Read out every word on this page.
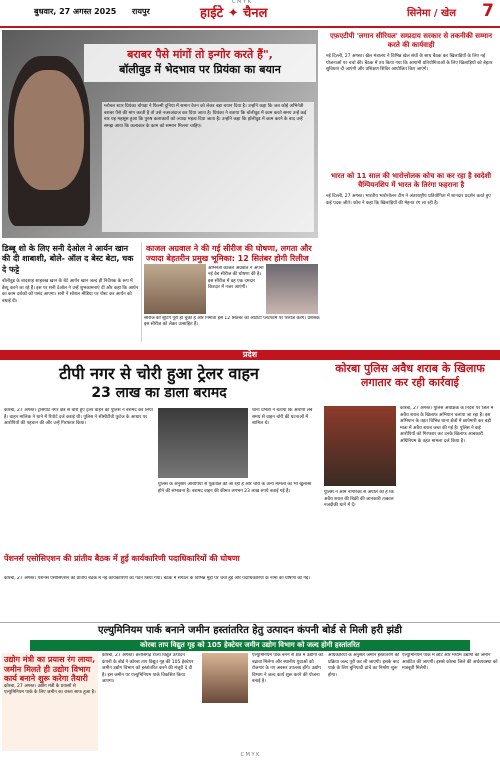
C M Y K
बुधवार, 27 अगस्त 2025 रायपुर	हाईटे ✦ चैनल	सिनेमा / खेल 7
बराबर पैसे मांगों तो इन्गोर करते हैं",
बॉलीवुड में भेदभाव पर प्रियंका का बयान
ग्लोबल स्टार प्रियंका चोपड़ा ने फिल्मी दुनिया में समान वेतन को लेकर बड़ा बयान दिया है। उन्होंने कहा कि जब कोई अभिनेत्री बराबर पैसे की मांग करती है तो उसे नजरअंदाज कर दिया जाता है। प्रियंका ने बताया कि बॉलीवुड में काम करते समय उन्हें कई बार यह महसूस हुआ कि पुरुष कलाकारों को ज्यादा महत्व दिया जाता है। उन्होंने कहा कि हॉलीवुड में काम करने के बाद उन्हें समझ आया कि कलाकार के काम को सम्मान मिलना चाहिए।
डिब्बू शो के लिए सनी देओल ने आर्यन खान की दी शाबाशी, बोले- ऑल द बेस्ट बेटा, चक दे फट्टे
बॉलीवुड के बादशाह शाहरुख खान के बेटे आर्यन खान जल्द ही निर्देशक के रूप में डेब्यू करने जा रहे हैं। इस पर सनी देओल ने उन्हें शुभकामनाएं दीं और कहा कि आर्यन का काम दर्शकों को पसंद आएगा। सनी ने सोशल मीडिया पर पोस्ट कर आर्यन को बधाई दी।
काजल अग्रवाल ने की गई सीरीज की घोषणा, लगता और ज्यादा बेहतरीन प्रमुख भूमिका: 12 सितंबर होगी रिलीज
अभिनेत्री काजल अग्रवाल ने अपनी नई वेब सीरीज की घोषणा की है। इस सीरीज में वह एक दमदार किरदार में नजर आएंगी।
सीरीज की शूटिंग पूरी हो चुकी है और निर्माता इसे 12 सितंबर को ओटीटी प्लेटफॉर्म पर रिलीज करेंगे। प्रशंसक इस सीरीज को लेकर उत्साहित हैं।
एफ़एटीपी 'लगान सीरियल' सम्प्रदाय सरकार से तकनीकी सम्मान करते की कार्यवाही
नई दिल्ली, 27 अगस्त। खेल मंत्रालय ने विभिन्न खेल संघों के साथ बैठक कर खिलाड़ियों के लिए नई योजनाओं पर चर्चा की। बैठक में तय किया गया कि आगामी प्रतियोगिताओं के लिए खिलाड़ियों को बेहतर सुविधाएं दी जाएंगी और प्रशिक्षण शिविर आयोजित किए जाएंगे।
भारत को 11 साल की भारोत्तोलक कोच का कर रहा है स्वदेशी चैम्पियनशिप में भारत के तिरंगा फहराना है
नई दिल्ली, 27 अगस्त। भारतीय भारोत्तोलन टीम ने अंतरराष्ट्रीय प्रतियोगिता में शानदार प्रदर्शन करते हुए कई पदक जीते। कोच ने कहा कि खिलाड़ियों की मेहनत रंग ला रही है।
प्रदेश
टीपी नगर से चोरी हुआ ट्रेलर वाहन
23 लाख का डाला बरामद
कोरबा, 27 अगस्त। ट्रांसपोर्ट नगर क्षेत्र से चोरी हुए ट्रेलर वाहन को पुलिस ने बरामद कर लिया है। वाहन मालिक ने थाने में रिपोर्ट दर्ज कराई थी। पुलिस ने सीसीटीवी फुटेज के आधार पर आरोपियों की पहचान की और उन्हें गिरफ्तार किया।
थाना प्रभारी ने बताया कि आरोपी लंबे समय से वाहन चोरी की घटनाओं में शामिल थे।
पुलिस के अनुसार आरोपियों से पूछताछ की जा रही है और चोरी के अन्य मामलों का भी खुलासा होने की संभावना है। बरामद वाहन की कीमत लगभग 23 लाख रुपये बताई गई है।
पेंशनर्स एसोसिएशन की प्रांतीय बैठक में हुई कार्यकारिणी पदाधिकारियों की घोषणा
कोरबा, 27 अगस्त। पेंशनर्स एसोसिएशन की प्रांतीय बैठक में नई कार्यकारिणी का गठन किया गया। बैठक में संगठन के विभिन्न मुद्दों पर चर्चा हुई और पदाधिकारियों के नामों की घोषणा की गई।
कोरबा पुलिस अवैध शराब के खिलाफ लगातार कर रही कार्रवाई
कोरबा, 27 अगस्त। पुलिस अधीक्षक के निर्देश पर जिले में अवैध शराब के खिलाफ अभियान चलाया जा रहा है। इस अभियान के तहत विभिन्न थाना क्षेत्रों में छापेमारी कर बड़ी मात्रा में अवैध शराब जब्त की गई है। पुलिस ने कई आरोपियों को गिरफ्तार कर उनके खिलाफ आबकारी अधिनियम के तहत मामला दर्ज किया है।
पुलिस ने आम नागरिकों से अपील की है कि अवैध शराब की बिक्री की जानकारी तत्काल नजदीकी थाने में दें।
एल्युमिनियम पार्क बनाने जमीन हस्तांतरित हेतु उत्पादन कंपनी बोर्ड से मिली हरी झंडी
कोरबा ताप विद्युत गृह को 105 हेक्टेयर जमीन उद्योग विभाग को जल्द होगी हस्तांतरित
उद्योग मंत्री का प्रयास रंग लाया, जमीन मिलते ही उद्योग विभाग कार्य बनाने शुरू करेगा तैयारी
कोरबा, 27 अगस्त। उद्योग मंत्री के प्रयासों से एल्युमिनियम पार्क के लिए जमीन का रास्ता साफ हुआ है।
कोरबा, 27 अगस्त। छत्तीसगढ़ राज्य विद्युत उत्पादन कंपनी के बोर्ड ने कोरबा ताप विद्युत गृह की 105 हेक्टेयर जमीन उद्योग विभाग को हस्तांतरित करने की मंजूरी दे दी है। इस जमीन पर एल्युमिनियम पार्क विकसित किया जाएगा।
एल्युमिनियम पार्क बनने से क्षेत्र में उद्योगों को बढ़ावा मिलेगा और स्थानीय युवाओं को रोजगार के नए अवसर उपलब्ध होंगे। उद्योग विभाग ने जल्द कार्य शुरू करने की योजना बनाई है।
अधिकारियों के अनुसार जमीन हस्तांतरण की प्रक्रिया जल्द पूरी कर ली जाएगी। इसके बाद पार्क के लिए बुनियादी ढांचे का निर्माण शुरू होगा।
एल्युमिनियम पार्क में छोटे और मध्यम उद्योगों को जमीन आवंटित की जाएगी। इससे कोरबा जिले की अर्थव्यवस्था को मजबूती मिलेगी।
C M Y K
